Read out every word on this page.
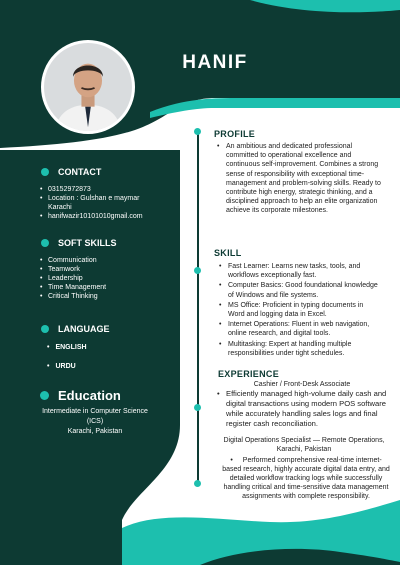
HANIF
CONTACT
• 03152972873
• Location : Gulshan e maymar Karachi
• hanifwazir10101010gmail.com
SOFT SKILLS
• Communication
• Teamwork
• Leadership
• Time Management
• Critical Thinking
LANGUAGE
• ENGLISH
• URDU
Education
Intermediate in Computer Science (ICS)
Karachi, Pakistan
PROFILE
• An ambitious and dedicated professional committed to operational excellence and continuous self-improvement. Combines a strong sense of responsibility with exceptional time-management and problem-solving skills. Ready to contribute high energy, strategic thinking, and a disciplined approach to help an elite organization achieve its corporate milestones.
SKILL
• Fast Learner: Learns new tasks, tools, and workflows exceptionally fast.
• Computer Basics: Good foundational knowledge of Windows and file systems.
• MS Office: Proficient in typing documents in Word and logging data in Excel.
• Internet Operations: Fluent in web navigation, online research, and digital tools.
• Multitasking: Expert at handling multiple responsibilities under tight schedules.
EXPERIENCE
Cashier / Front-Desk Associate
• Efficiently managed high-volume daily cash and digital transactions using modern POS software while accurately handling sales logs and final register cash reconciliation.
Digital Operations Specialist — Remote Operations, Karachi, Pakistan
• Performed comprehensive real-time internet-based research, highly accurate digital data entry, and detailed workflow tracking logs while successfully handling critical and time-sensitive data management assignments with complete responsibility.
